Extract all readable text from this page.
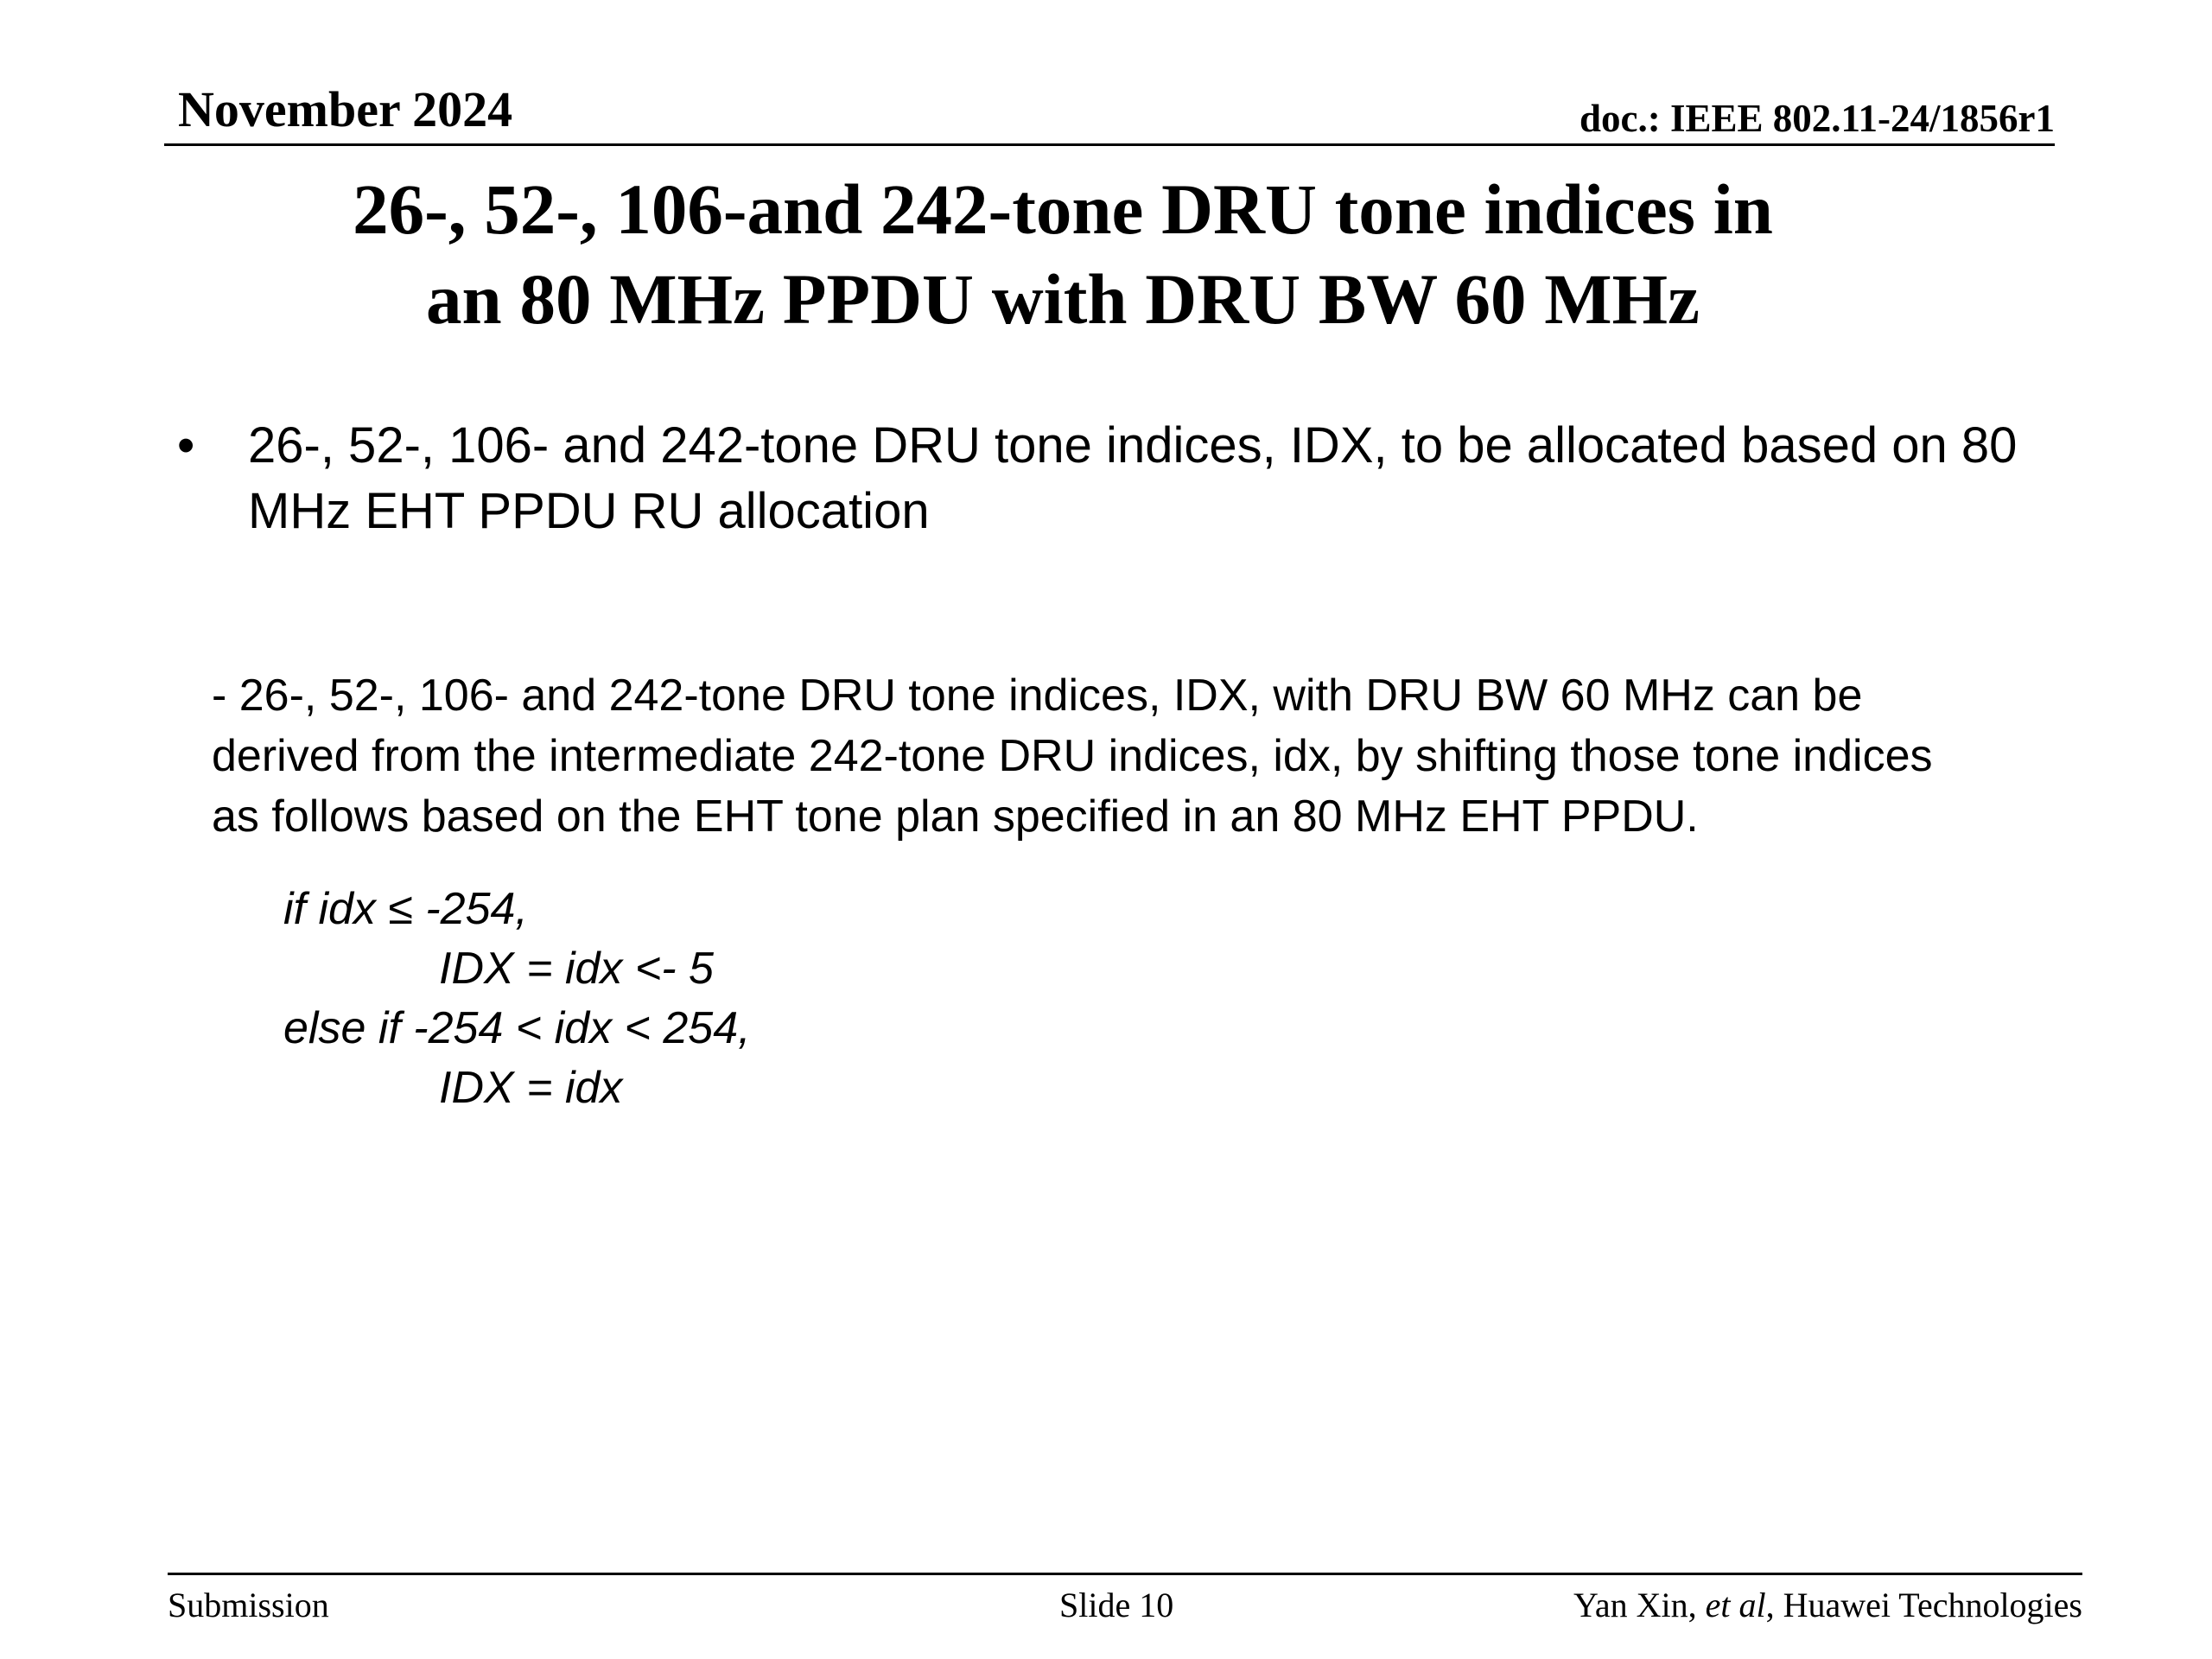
November 2024	doc.: IEEE 802.11-24/1856r1
26-, 52-, 106-and 242-tone DRU tone indices in
an 80 MHz PPDU with DRU BW 60 MHz
• 26-, 52-, 106- and 242-tone DRU tone indices, IDX, to be allocated based on 80 MHz EHT PPDU RU allocation
- 26-, 52-, 106- and 242-tone DRU tone indices, IDX, with DRU BW 60 MHz can be
derived from the intermediate 242-tone DRU indices, idx, by shifting those tone indices
as follows based on the EHT tone plan specified in an 80 MHz EHT PPDU.
if idx ≤ -254,
IDX = idx <- 5
else if -254 < idx < 254,
IDX = idx
Submission	Slide 10	Yan Xin, et al, Huawei Technologies
